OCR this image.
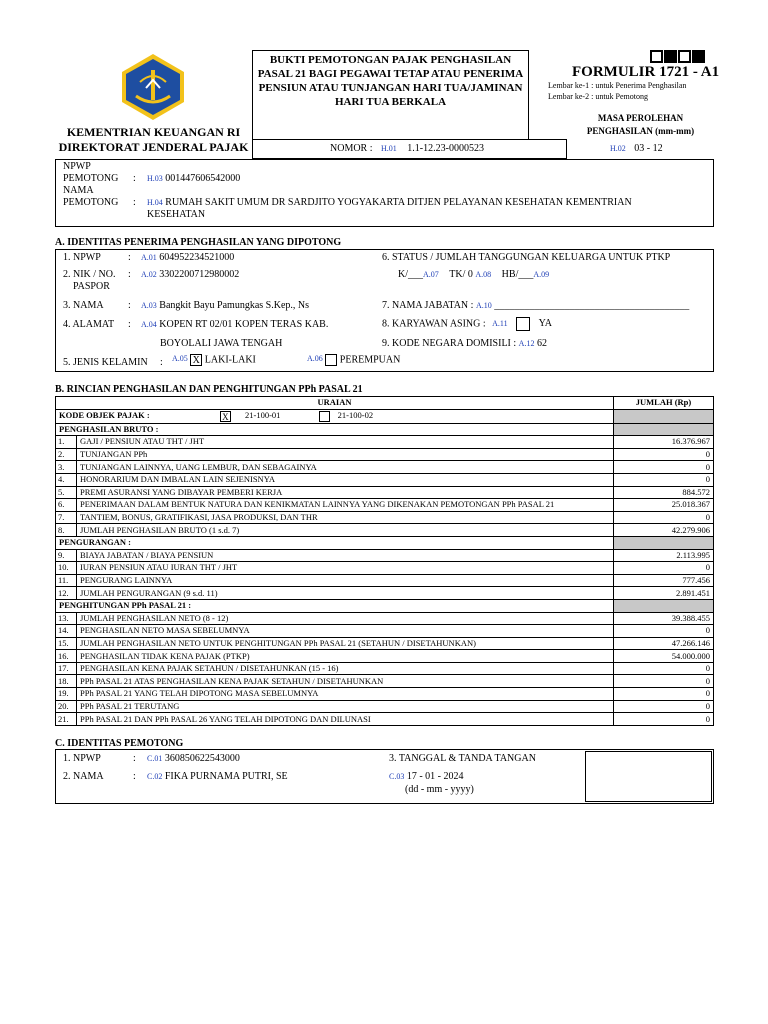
KEMENTRIAN KEUANGAN RI
DIREKTORAT JENDERAL PAJAK
BUKTI PEMOTONGAN PAJAK PENGHASILAN PASAL 21 BAGI PEGAWAI TETAP ATAU PENERIMA PENSIUN ATAU TUNJANGAN HARI TUA/JAMINAN HARI TUA BERKALA
NOMOR : H.01 1.1-12.23-0000523
FORMULIR 1721 - A1
Lembar ke-1 : untuk Penerima Penghasilan
Lembar ke-2 : untuk Pemotong
MASA PEROLEHAN
PENGHASILAN (mm-mm)
H.02 03 - 12
NPWP
PEMOTONG : H.03 001447606542000
NAMA
PEMOTONG : H.04 RUMAH SAKIT UMUM DR SARDJITO YOGYAKARTA DITJEN PELAYANAN KESEHATAN KEMENTRIAN
KESEHATAN
A. IDENTITAS PENERIMA PENGHASILAN YANG DIPOTONG
1. NPWP	: A.01 604952234521000
2. NIK / NO.
PASPOR
: A.02 3302200712980002
3. NAMA : A.03 Bangkit Bayu Pamungkas S.Kep., Ns
4. ALAMAT : A.04 KOPEN RT 02/01 KOPEN TERAS KAB.
BOYOLALI JAWA TENGAH
5. JENIS KELAMIN : $^{A.05}$ X LAKI-LAKI	$^{A.06}$ PEREMPUAN
6. STATUS / JUMLAH TANGGUNGAN KELUARGA UNTUK PTKP
K/___A.07 TK/ 0 A.08 HB/___A.09
7. NAMA JABATAN : A.10 _______________________________________
8. KARYAWAN ASING : A.11	YA
9. KODE NEGARA DOMISILI : A.12 62
B. RINCIAN PENGHASILAN DAN PENGHITUNGAN PPh PASAL 21
URAIAN		JUMLAH (Rp)
KODE OBJEK PAJAK : X 21-100-01 21-100-02		
PENGHASILAN BRUTO :		
1.	GAJI / PENSIUN ATAU THT / JHT	16.376.967
2.	TUNJANGAN PPh	0
3.	TUNJANGAN LAINNYA, UANG LEMBUR, DAN SEBAGAINYA	0
4.	HONORARIUM DAN IMBALAN LAIN SEJENISNYA	0
5.	PREMI ASURANSI YANG DIBAYAR PEMBERI KERJA	884.572
6.	PENERIMAAN DALAM BENTUK NATURA DAN KENIKMATAN LAINNYA YANG DIKENAKAN PEMOTONGAN PPh PASAL 21	25.018.367
7.	TANTIEM, BONUS, GRATIFIKASI, JASA PRODUKSI, DAN THR	0
8.	JUMLAH PENGHASILAN BRUTO (1 s.d. 7)	42.279.906
PENGURANGAN :		
9.	BIAYA JABATAN / BIAYA PENSIUN	2.113.995
10.	IURAN PENSIUN ATAU IURAN THT / JHT	0
11.	PENGURANG LAINNYA	777.456
12.	JUMLAH PENGURANGAN (9 s.d. 11)	2.891.451
PENGHITUNGAN PPh PASAL 21 :		
13.	JUMLAH PENGHASILAN NETO (8 - 12)	39.388.455
14.	PENGHASILAN NETO MASA SEBELUMNYA	0
15.	JUMLAH PENGHASILAN NETO UNTUK PENGHITUNGAN PPh PASAL 21 (SETAHUN / DISETAHUNKAN)	47.266.146
16.	PENGHASILAN TIDAK KENA PAJAK (PTKP)	54.000.000
17.	PENGHASILAN KENA PAJAK SETAHUN / DISETAHUNKAN (15 - 16)	0
18.	PPh PASAL 21 ATAS PENGHASILAN KENA PAJAK SETAHUN / DISETAHUNKAN	0
19.	PPh PASAL 21 YANG TELAH DIPOTONG MASA SEBELUMNYA	0
20.	PPh PASAL 21 TERUTANG	0
21.	PPh PASAL 21 DAN PPh PASAL 26 YANG TELAH DIPOTONG DAN DILUNASI	0
C. IDENTITAS PEMOTONG
1. NPWP	: C.01 360850622543000
2. NAMA	: C.02 FIKA PURNAMA PUTRI, SE
3. TANGGAL & TANDA TANGAN
C.03 17 - 01 - 2024
(dd - mm - yyyy)
